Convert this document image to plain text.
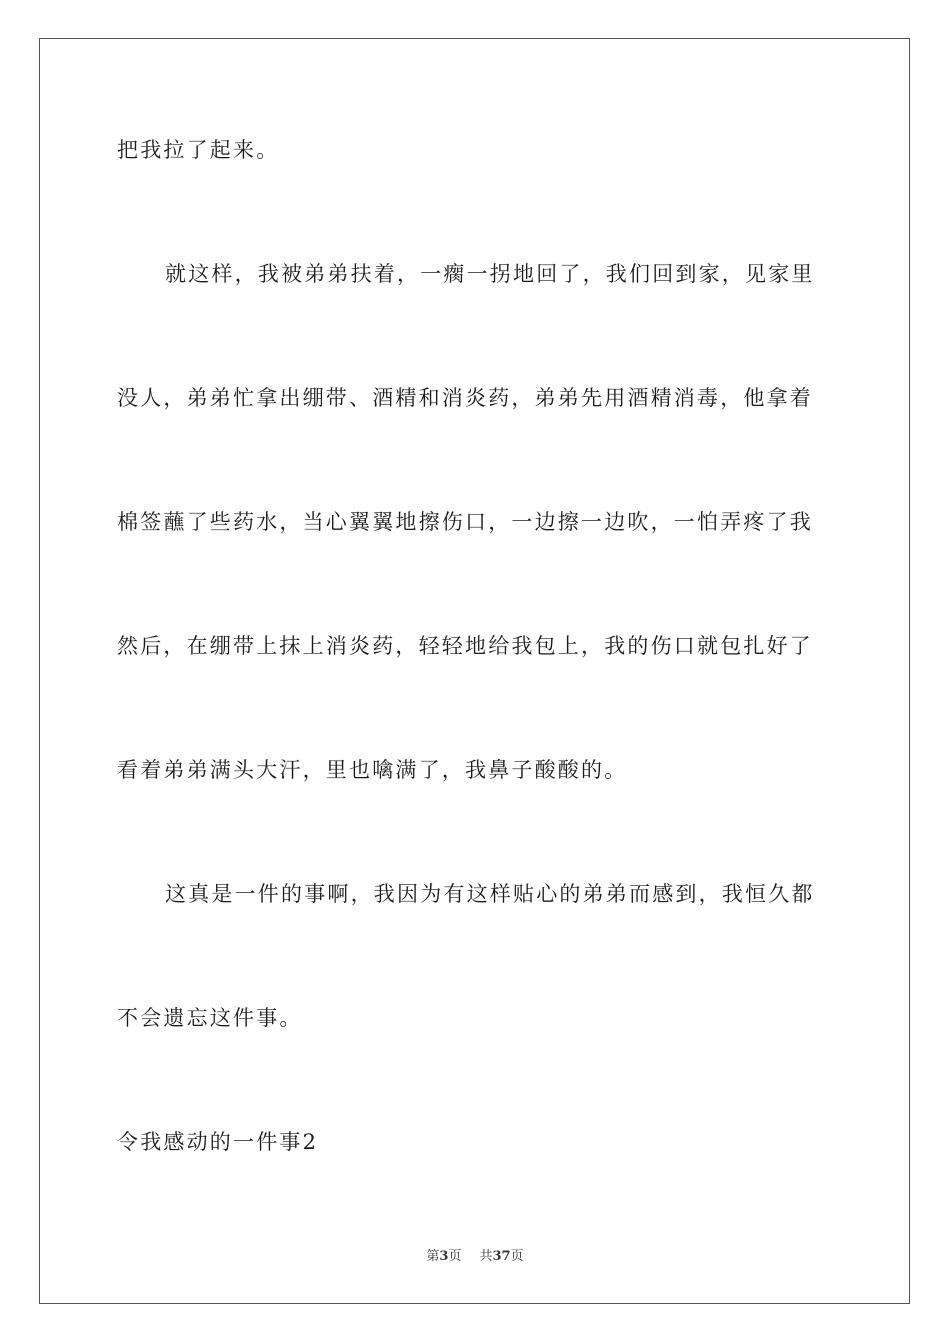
把我拉了起来。
就这样，我被弟弟扶着，一瘸一拐地回了，我们回到家，见家里
没人，弟弟忙拿出绷带、酒精和消炎药，弟弟先用酒精消毒，他拿着
棉签蘸了些药水，当心翼翼地擦伤口，一边擦一边吹，一怕弄疼了我
然后，在绷带上抹上消炎药，轻轻地给我包上，我的伤口就包扎好了
看着弟弟满头大汗，里也噙满了，我鼻子酸酸的。
这真是一件的事啊，我因为有这样贴心的弟弟而感到，我恒久都
不会遗忘这件事。
令我感动的一件事2
第3页 共37页
